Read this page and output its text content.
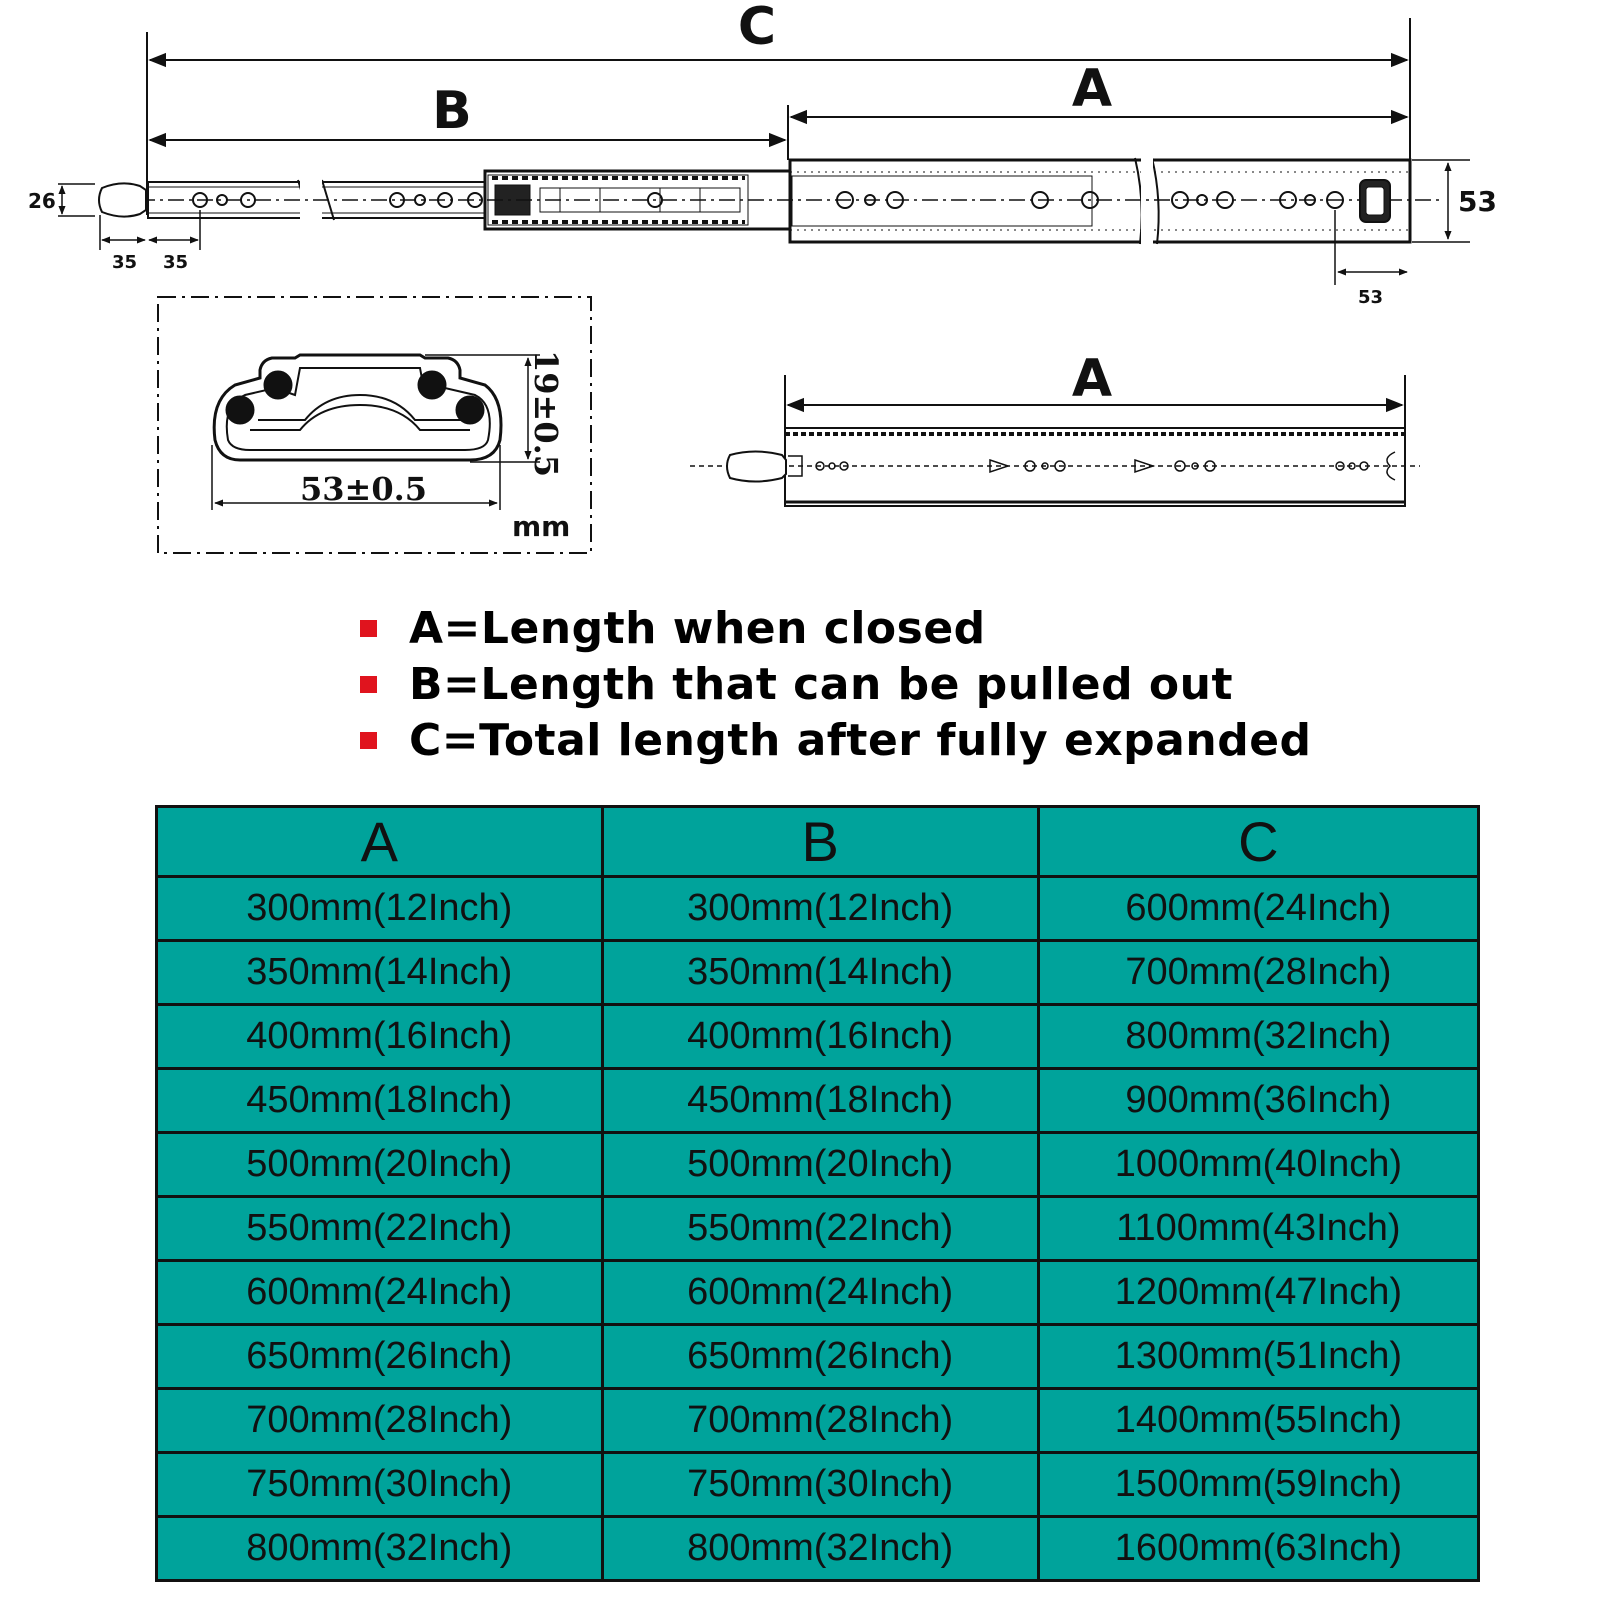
C
B	A
26
35 35
53
53
19±0.5
53±0.5
mm
A
A=Length when closed
B=Length that can be pulled out
C=Total length after fully expanded
A	B	C
300mm(12Inch)	300mm(12Inch)	600mm(24Inch)
350mm(14Inch)	350mm(14Inch)	700mm(28Inch)
400mm(16Inch)	400mm(16Inch)	800mm(32Inch)
450mm(18Inch)	450mm(18Inch)	900mm(36Inch)
500mm(20Inch)	500mm(20Inch)	1000mm(40Inch)
550mm(22Inch)	550mm(22Inch)	1100mm(43Inch)
600mm(24Inch)	600mm(24Inch)	1200mm(47Inch)
650mm(26Inch)	650mm(26Inch)	1300mm(51Inch)
700mm(28Inch)	700mm(28Inch)	1400mm(55Inch)
750mm(30Inch)	750mm(30Inch)	1500mm(59Inch)
800mm(32Inch)	800mm(32Inch)	1600mm(63Inch)
